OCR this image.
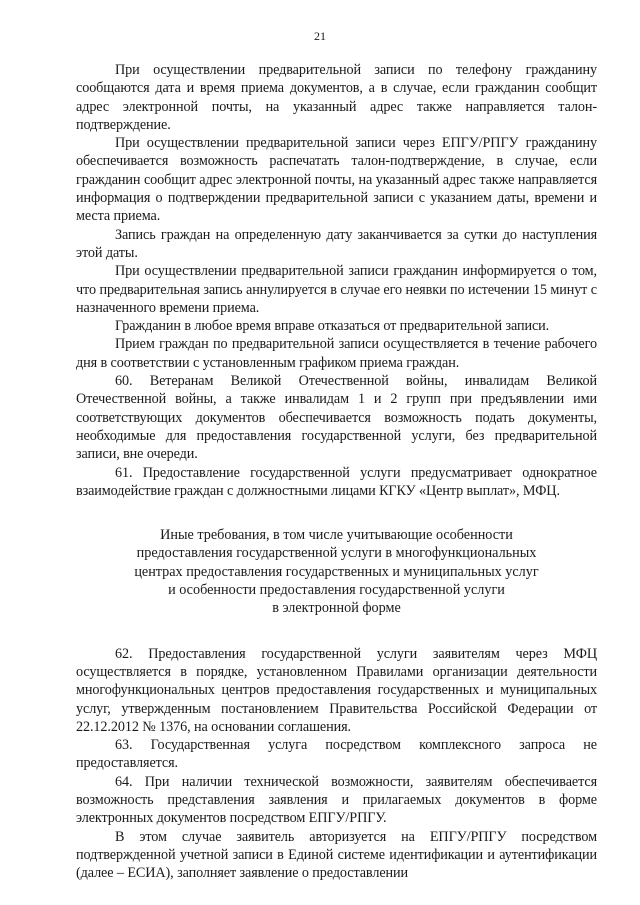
21

При осуществлении предварительной записи по телефону гражданину сообщаются дата и время приема документов, а в случае, если гражданин сообщит адрес электронной почты, на указанный адрес также направляется талон-подтверждение.

При осуществлении предварительной записи через ЕПГУ/РПГУ гражданину обеспечивается возможность распечатать талон-подтверждение, в случае, если гражданин сообщит адрес электронной почты, на указанный адрес также направляется информация о подтверждении предварительной записи с указанием даты, времени и места приема.

Запись граждан на определенную дату заканчивается за сутки до наступления этой даты.

При осуществлении предварительной записи гражданин информируется о том, что предварительная запись аннулируется в случае его неявки по истечении 15 минут с назначенного времени приема.

Гражданин в любое время вправе отказаться от предварительной записи.

Прием граждан по предварительной записи осуществляется в течение рабочего дня в соответствии с установленным графиком приема граждан.

60. Ветеранам Великой Отечественной войны, инвалидам Великой Отечественной войны, а также инвалидам 1 и 2 групп при предъявлении ими соответствующих документов обеспечивается возможность подать документы, необходимые для предоставления государственной услуги, без предварительной записи, вне очереди.

61. Предоставление государственной услуги предусматривает однократное взаимодействие граждан с должностными лицами КГКУ «Центр выплат», МФЦ.

Иные требования, в том числе учитывающие особенности
предоставления государственной услуги в многофункциональных
центрах предоставления государственных и муниципальных услуг
и особенности предоставления государственной услуги
в электронной форме

62. Предоставления государственной услуги заявителям через МФЦ осуществляется в порядке, установленном Правилами организации деятельности многофункциональных центров предоставления государственных и муниципальных услуг, утвержденным постановлением Правительства Российской Федерации от 22.12.2012 № 1376, на основании соглашения.

63. Государственная услуга посредством комплексного запроса не предоставляется.

64. При наличии технической возможности, заявителям обеспечивается возможность представления заявления и прилагаемых документов в форме электронных документов посредством ЕПГУ/РПГУ.

В этом случае заявитель авторизуется на ЕПГУ/РПГУ посредством подтвержденной учетной записи в Единой системе идентификации и аутентификации (далее – ЕСИА), заполняет заявление о предоставлении
